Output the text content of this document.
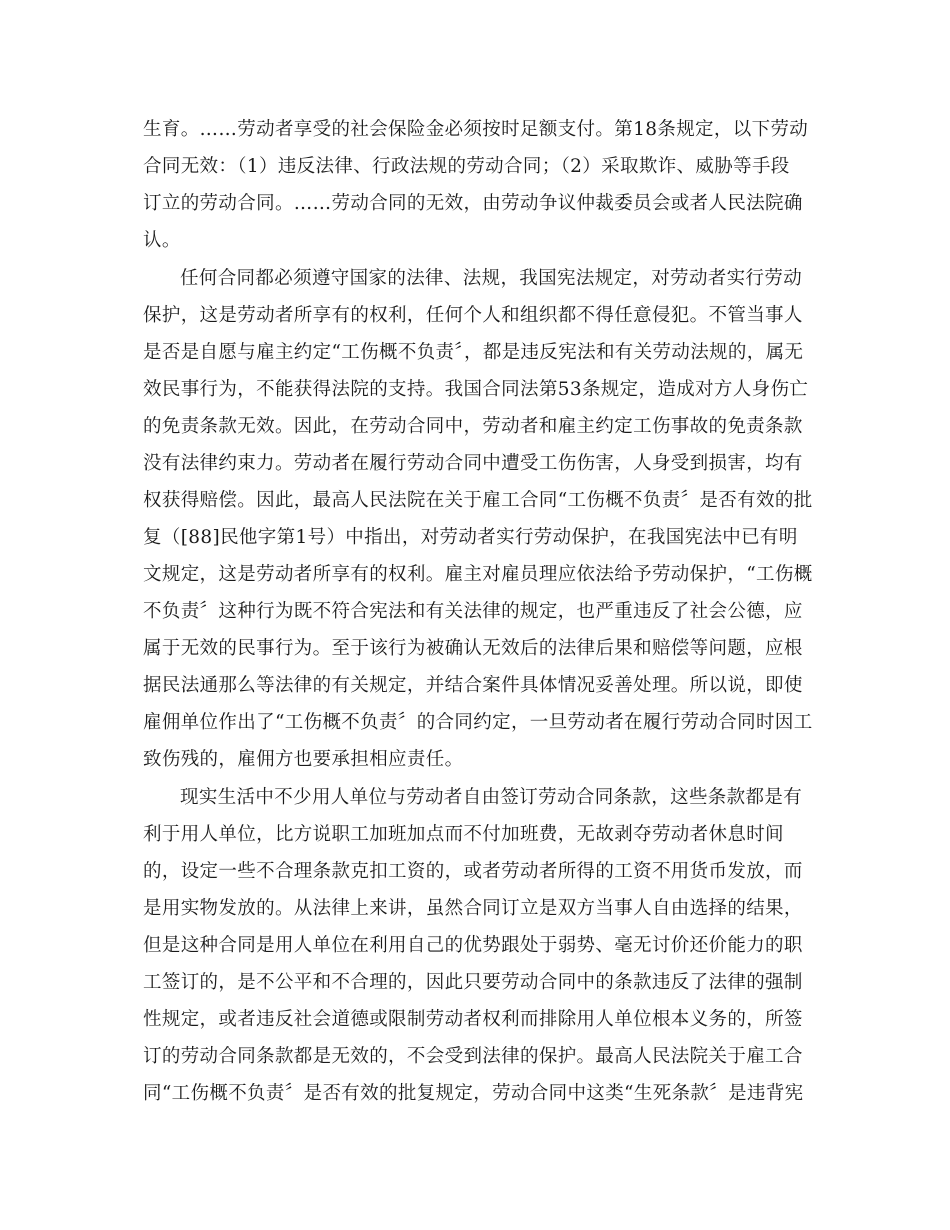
生育。……劳动者享受的社会保险金必须按时足额支付。第18条规定，以下劳动
合同无效：（1）违反法律、行政法规的劳动合同；（2）采取欺诈、威胁等手段
订立的劳动合同。……劳动合同的无效，由劳动争议仲裁委员会或者人民法院确
认。
任何合同都必须遵守国家的法律、法规，我国宪法规定，对劳动者实行劳动
保护，这是劳动者所享有的权利，任何个人和组织都不得任意侵犯。不管当事人
是否是自愿与雇主约定“工伤概不负责〞，都是违反宪法和有关劳动法规的，属无
效民事行为，不能获得法院的支持。我国合同法第53条规定，造成对方人身伤亡
的免责条款无效。因此，在劳动合同中，劳动者和雇主约定工伤事故的免责条款
没有法律约束力。劳动者在履行劳动合同中遭受工伤伤害，人身受到损害，均有
权获得赔偿。因此，最高人民法院在关于雇工合同“工伤概不负责〞是否有效的批
复（[88]民他字第1号）中指出，对劳动者实行劳动保护，在我国宪法中已有明
文规定，这是劳动者所享有的权利。雇主对雇员理应依法给予劳动保护，“工伤概
不负责〞这种行为既不符合宪法和有关法律的规定，也严重违反了社会公德，应
属于无效的民事行为。至于该行为被确认无效后的法律后果和赔偿等问题，应根
据民法通那么等法律的有关规定，并结合案件具体情况妥善处理。所以说，即使
雇佣单位作出了“工伤概不负责〞的合同约定，一旦劳动者在履行劳动合同时因工
致伤残的，雇佣方也要承担相应责任。
现实生活中不少用人单位与劳动者自由签订劳动合同条款，这些条款都是有
利于用人单位，比方说职工加班加点而不付加班费，无故剥夺劳动者休息时间
的，设定一些不合理条款克扣工资的，或者劳动者所得的工资不用货币发放，而
是用实物发放的。从法律上来讲，虽然合同订立是双方当事人自由选择的结果，
但是这种合同是用人单位在利用自己的优势跟处于弱势、毫无讨价还价能力的职
工签订的，是不公平和不合理的，因此只要劳动合同中的条款违反了法律的强制
性规定，或者违反社会道德或限制劳动者权利而排除用人单位根本义务的，所签
订的劳动合同条款都是无效的，不会受到法律的保护。最高人民法院关于雇工合
同“工伤概不负责〞是否有效的批复规定，劳动合同中这类“生死条款〞是违背宪
